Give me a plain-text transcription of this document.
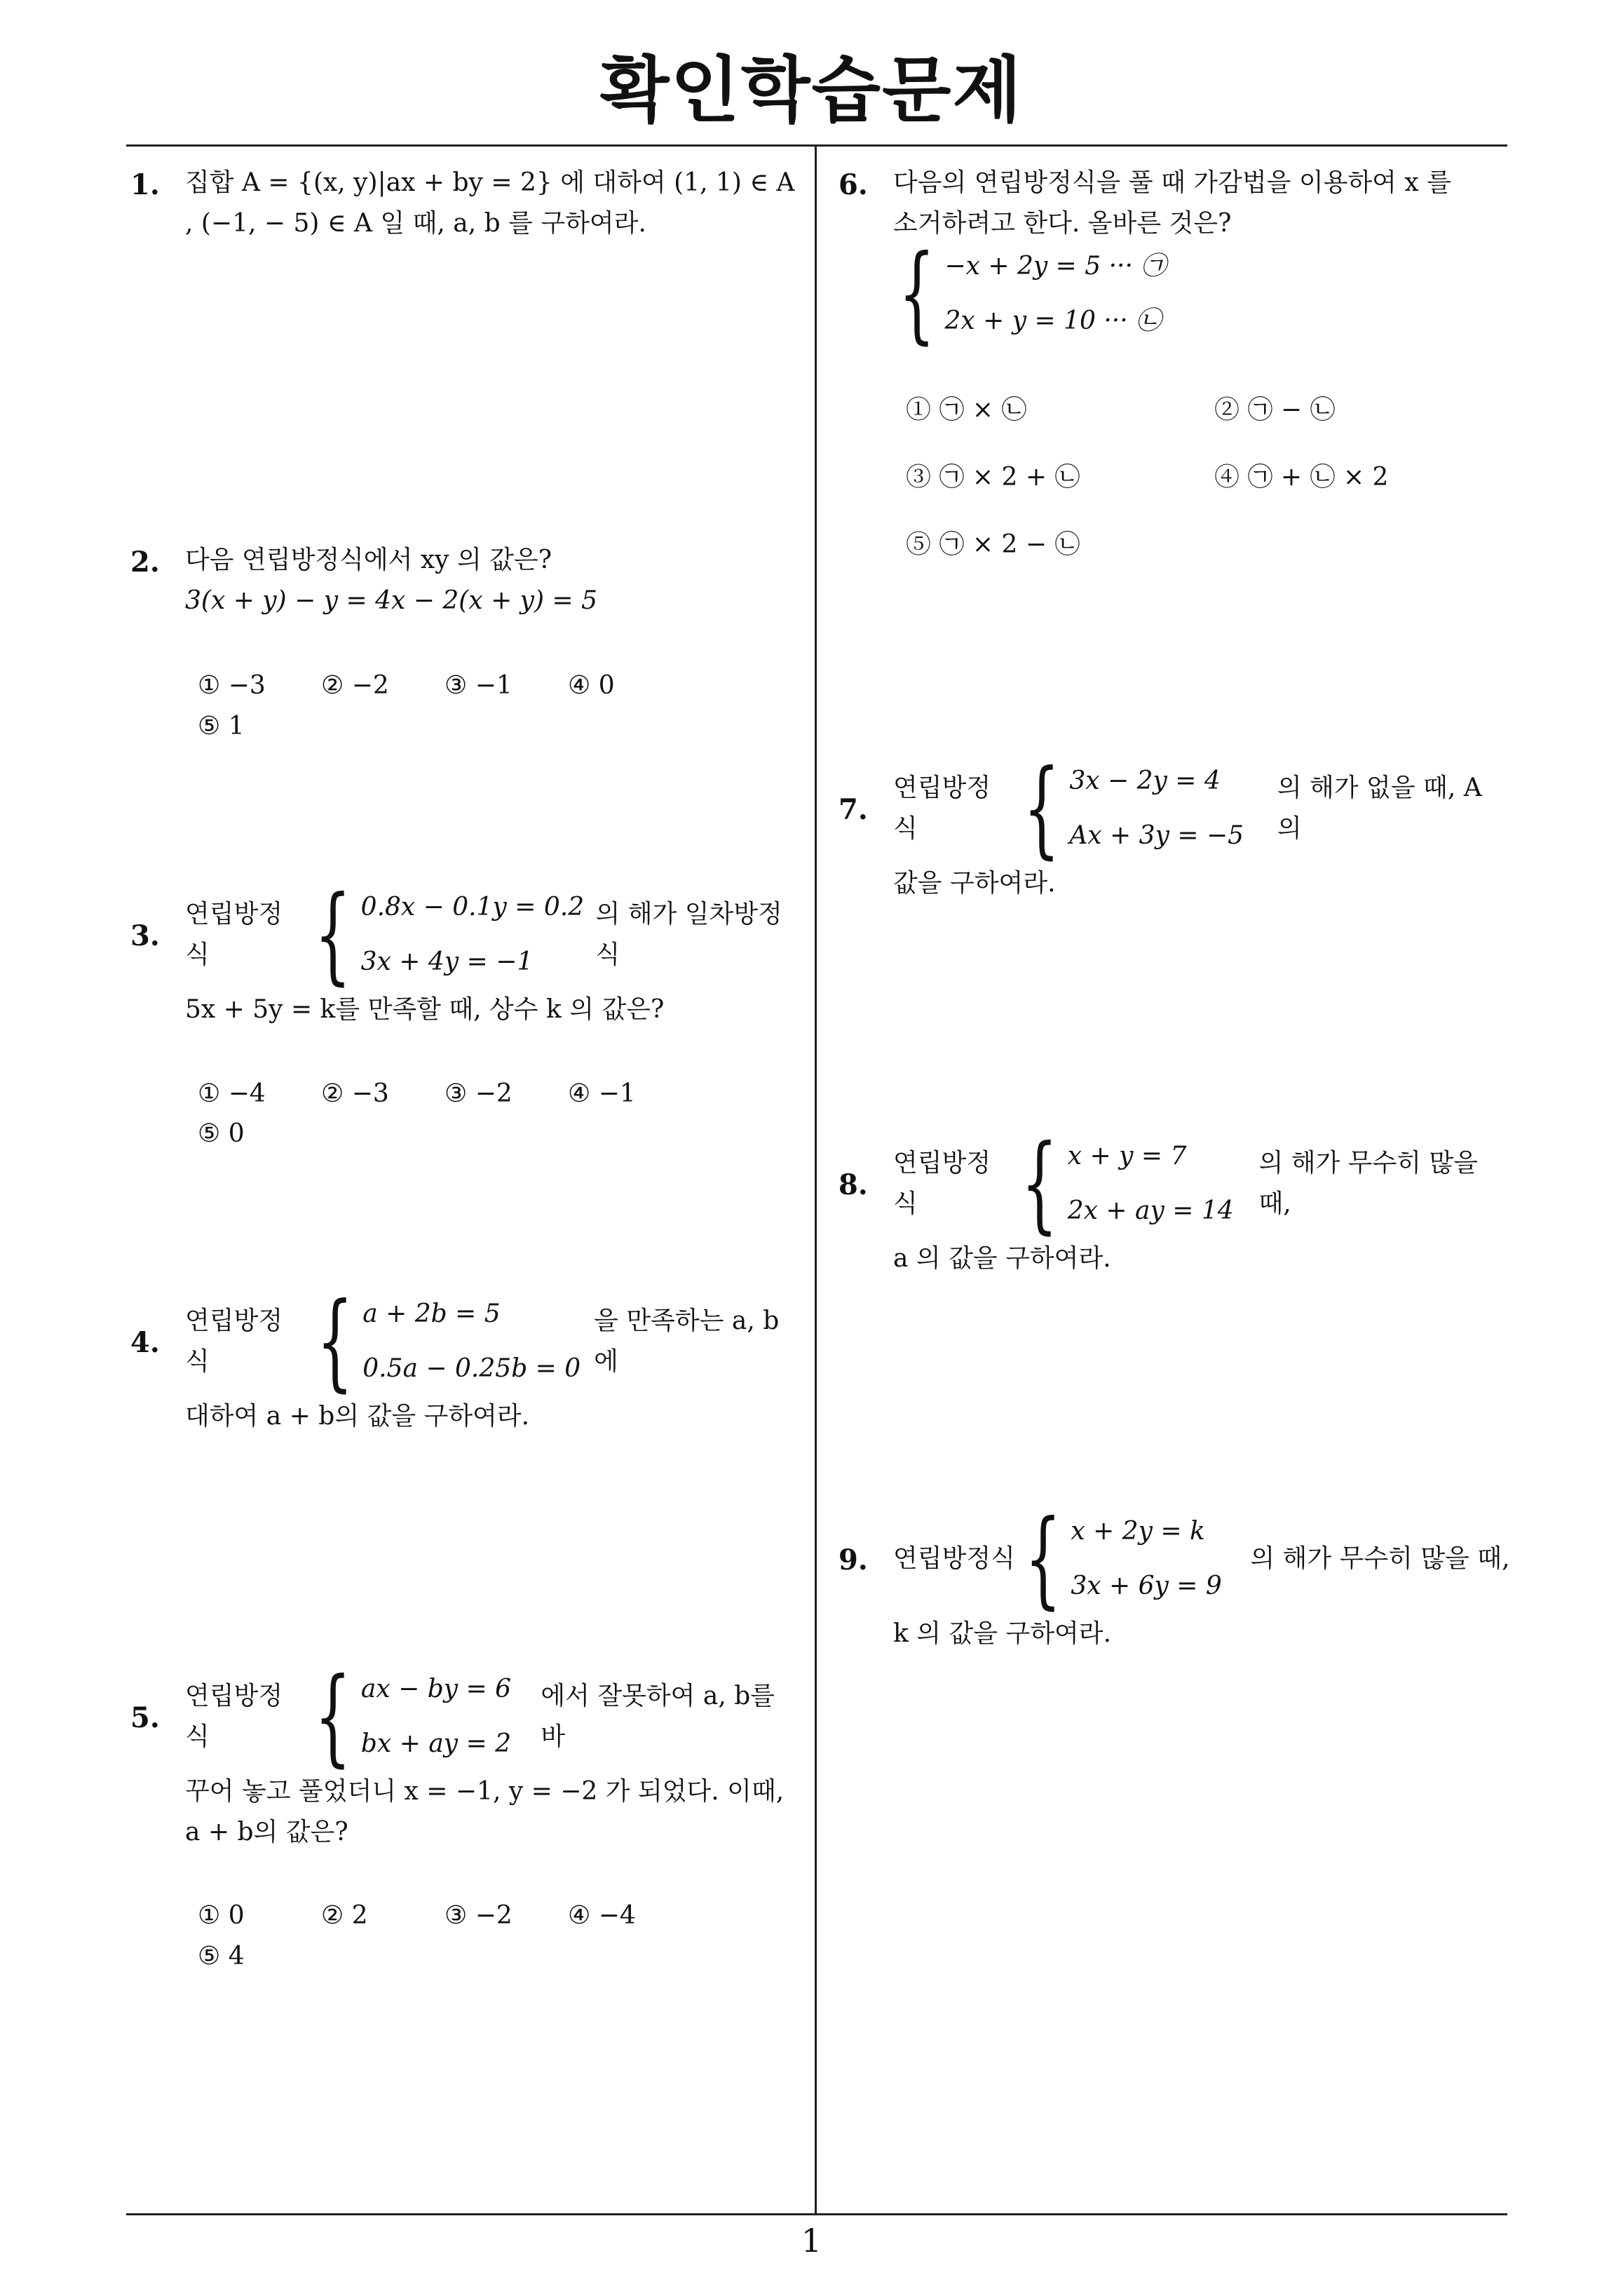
확인학습문제
1. 집합 A = {(x, y)|ax + by = 2} 에 대하여 (1, 1) ∈ A
, (−1, − 5) ∈ A 일 때, a, b 를 구하여라.
2. 다음 연립방정식에서 xy 의 값은?
3(x + y) − y = 4x − 2(x + y) = 5
① −3	② −2	③ −1	④ 0
⑤ 1
3.
연립방정식 { 0.8x − 0.1y = 0.2
3x + 4y = −1
의 해가 일차방정식
5x + 5y = k를 만족할 때, 상수 k 의 값은?
① −4	② −3	③ −2	④ −1
⑤ 0
4.
연립방정식	{ a + 2b = 5
0.5a − 0.25b = 0
을 만족하는 a, b에
대하여 a + b의 값을 구하여라.
5.
연립방정식	{ ax − by = 6
bx + ay = 2
에서 잘못하여 a, b를 바
꾸어 놓고 풀었더니 x = −1, y = −2 가 되었다. 이때,
a + b의 값은?
① 0	② 2	③ −2	④ −4
⑤ 4
6. 다음의 연립방정식을 풀 때 가감법을 이용하여 x 를
소거하려고 한다. 올바른 것은?
{ −x + 2y = 5 ··· ㉠
2x + y = 10 ··· ㉡
① ㉠ × ㉡	② ㉠ − ㉡
③ ㉠ × 2 + ㉡	④ ㉠ + ㉡ × 2
⑤ ㉠ × 2 − ㉡
7.
연립방정식	{ 3x − 2y = 4
Ax + 3y = −5
의 해가 없을 때, A 의
값을 구하여라.
8.
연립방정식 { x + y = 7
2x + ay = 14
의 해가 무수히 많을 때,
a 의 값을 구하여라.
9. 연립방정식 { x + 2y = k
3x + 6y = 9
의 해가 무수히 많을 때,
k 의 값을 구하여라.
1
